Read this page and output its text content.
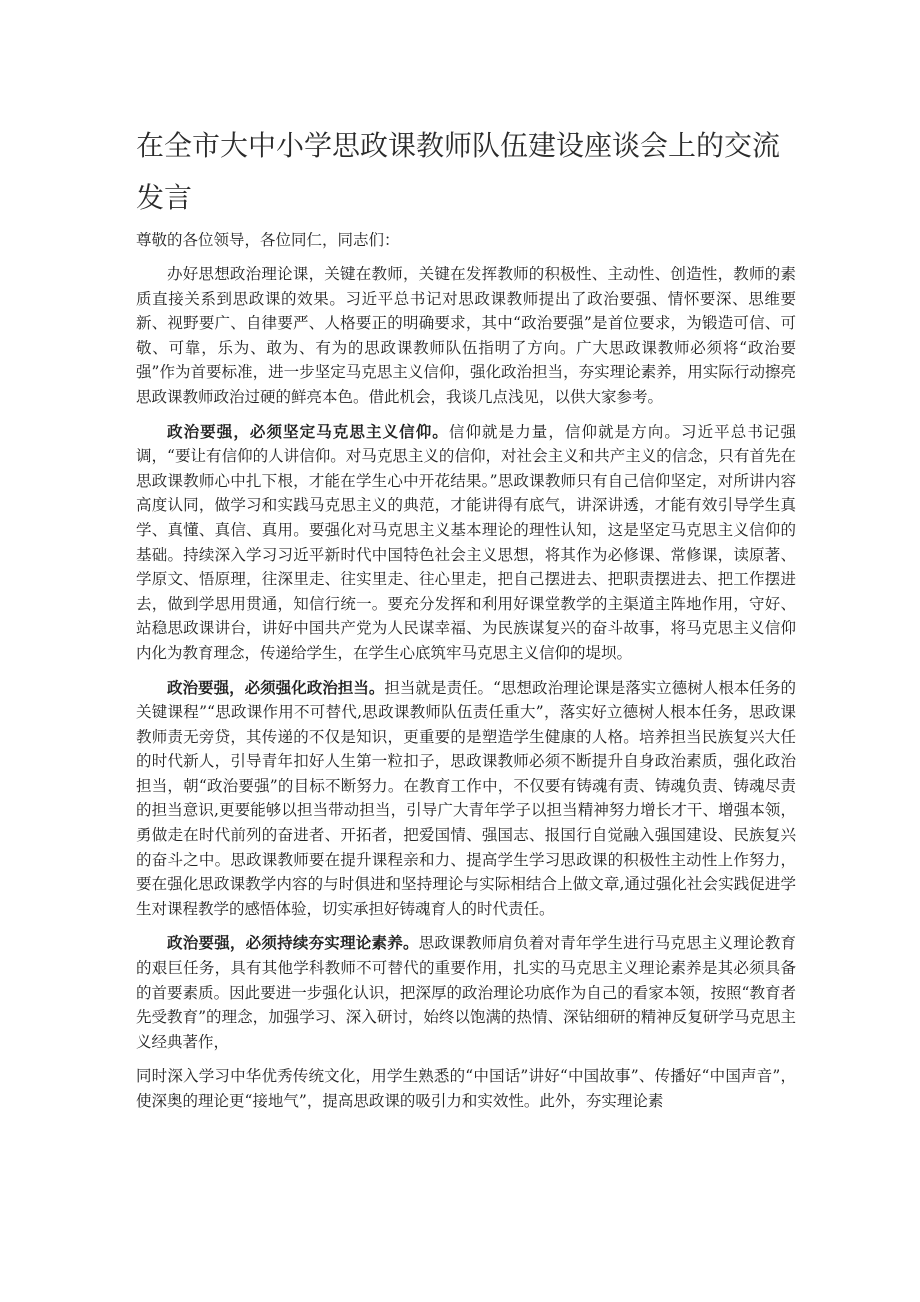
在全市大中小学思政课教师队伍建设座谈会上的交流发言

尊敬的各位领导，各位同仁，同志们：

办好思想政治理论课，关键在教师，关键在发挥教师的积极性、主动性、创造性，教师的素质直接关系到思政课的效果。习近平总书记对思政课教师提出了政治要强、情怀要深、思维要新、视野要广、自律要严、人格要正的明确要求，其中“政治要强”是首位要求，为锻造可信、可敬、可靠，乐为、敢为、有为的思政课教师队伍指明了方向。广大思政课教师必须将“政治要强”作为首要标准，进一步坚定马克思主义信仰，强化政治担当，夯实理论素养，用实际行动擦亮思政课教师政治过硬的鲜亮本色。借此机会，我谈几点浅见，以供大家参考。

政治要强，必须坚定马克思主义信仰。信仰就是力量，信仰就是方向。习近平总书记强调，“要让有信仰的人讲信仰。对马克思主义的信仰，对社会主义和共产主义的信念，只有首先在思政课教师心中扎下根，才能在学生心中开花结果。”思政课教师只有自己信仰坚定，对所讲内容高度认同，做学习和实践马克思主义的典范，才能讲得有底气，讲深讲透，才能有效引导学生真学、真懂、真信、真用。要强化对马克思主义基本理论的理性认知，这是坚定马克思主义信仰的基础。持续深入学习习近平新时代中国特色社会主义思想，将其作为必修课、常修课，读原著、学原文、悟原理，往深里走、往实里走、往心里走，把自己摆进去、把职责摆进去、把工作摆进去，做到学思用贯通，知信行统一。要充分发挥和利用好课堂教学的主渠道主阵地作用，守好、站稳思政课讲台，讲好中国共产党为人民谋幸福、为民族谋复兴的奋斗故事，将马克思主义信仰内化为教育理念，传递给学生，在学生心底筑牢马克思主义信仰的堤坝。

政治要强，必须强化政治担当。担当就是责任。“思想政治理论课是落实立德树人根本任务的关键课程”“思政课作用不可替代,思政课教师队伍责任重大”，落实好立德树人根本任务，思政课教师责无旁贷，其传递的不仅是知识，更重要的是塑造学生健康的人格。培养担当民族复兴大任的时代新人，引导青年扣好人生第一粒扣子，思政课教师必须不断提升自身政治素质，强化政治担当，朝“政治要强”的目标不断努力。在教育工作中，不仅要有铸魂有责、铸魂负责、铸魂尽责的担当意识,更要能够以担当带动担当，引导广大青年学子以担当精神努力增长才干、增强本领，勇做走在时代前列的奋进者、开拓者，把爱国情、强国志、报国行自觉融入强国建设、民族复兴的奋斗之中。思政课教师要在提升课程亲和力、提高学生学习思政课的积极性主动性上作努力，要在强化思政课教学内容的与时俱进和坚持理论与实际相结合上做文章,通过强化社会实践促进学生对课程教学的感悟体验，切实承担好铸魂育人的时代责任。

政治要强，必须持续夯实理论素养。思政课教师肩负着对青年学生进行马克思主义理论教育的艰巨任务，具有其他学科教师不可替代的重要作用，扎实的马克思主义理论素养是其必须具备的首要素质。因此要进一步强化认识，把深厚的政治理论功底作为自己的看家本领，按照“教育者先受教育”的理念，加强学习、深入研讨，始终以饱满的热情、深钻细研的精神反复研学马克思主义经典著作，

同时深入学习中华优秀传统文化，用学生熟悉的“中国话”讲好“中国故事”、传播好“中国声音”，使深奥的理论更“接地气”，提高思政课的吸引力和实效性。此外，夯实理论素
